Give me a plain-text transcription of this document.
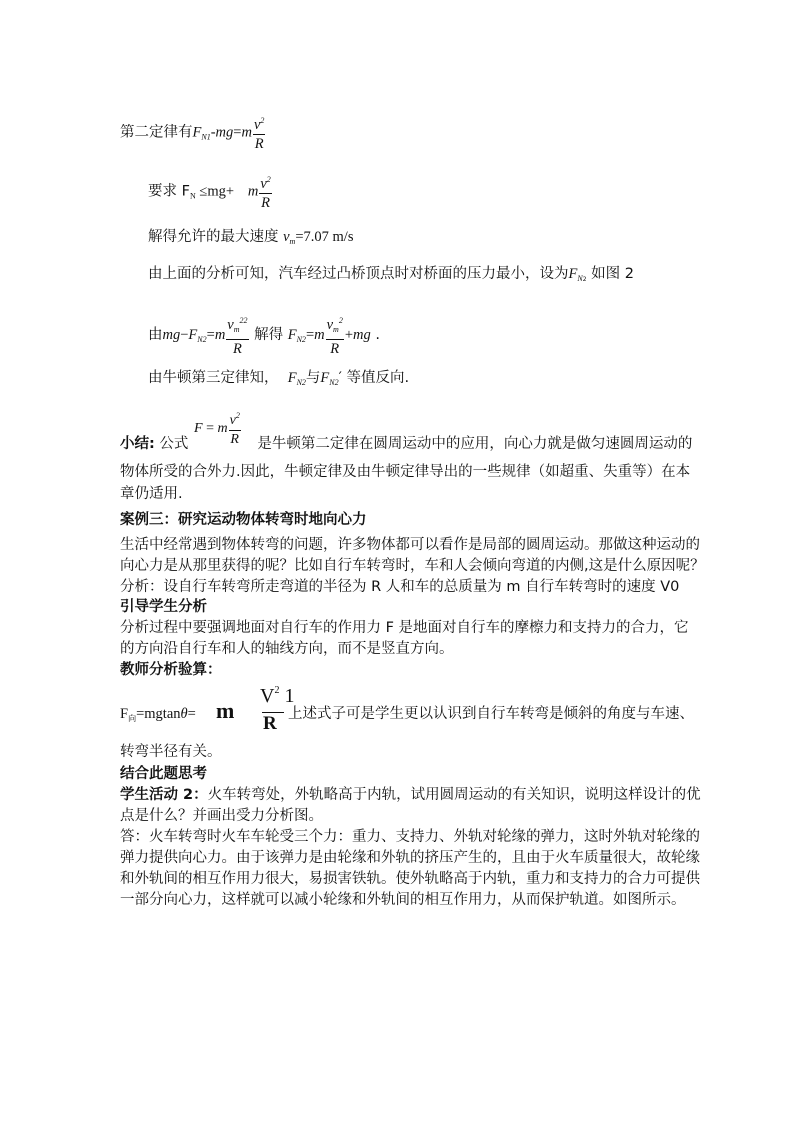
第二定律有$F_{N1}-mg=m \frac{v^2}{R}$
要求 $F_N \le mg+ m \frac{v^2}{R}$
解得允许的最大速度 $v_m=7.07$ m/s
由上面的分析可知，汽车经过凸桥顶点时对桥面的压力最小，设为$F_{N2}$ 如图 2
由$mg-F_{N2}=m \frac{v_m^{22}}{R}$ 解得 $F_{N2}=m \frac{v_m^2}{R} +mg$ .
由牛顿第三定律知， $F_{N2}$与$F_{N2}'$ 等值反向.
F = m $\frac{v^2}{R}$
小结: 公式	是牛顿第二定律在圆周运动中的应用，向心力就是做匀速圆周运动的
物体所受的合外力.因此，牛顿定律及由牛顿定律导出的一些规律（如超重、失重等）在本
章仍适用.
案例三：研究运动物体转弯时地向心力
生活中经常遇到物体转弯的问题，许多物体都可以看作是局部的圆周运动。那做这种运动的
向心力是从那里获得的呢？比如自行车转弯时，车和人会倾向弯道的内侧,这是什么原因呢？
分析：设自行车转弯所走弯道的半径为 R 人和车的总质量为 m 自行车转弯时的速度 V0
引导学生分析
分析过程中要强调地面对自行车的作用力 F 是地面对自行车的摩檫力和支持力的合力，它
的方向沿自行车和人的轴线方向，而不是竖直方向。
教师分析验算：
$F_向=mgtan\theta= m$
$V^2$ 1
R 上述式子可是学生更以认识到自行车转弯是倾斜的角度与车速、
转弯半径有关。
结合此题思考
学生活动 2：火车转弯处，外轨略高于内轨，试用圆周运动的有关知识，说明这样设计的优
点是什么？并画出受力分析图。
答：火车转弯时火车车轮受三个力：重力、支持力、外轨对轮缘的弹力，这时外轨对轮缘的
弹力提供向心力。由于该弹力是由轮缘和外轨的挤压产生的，且由于火车质量很大，故轮缘
和外轨间的相互作用力很大，易损害铁轨。使外轨略高于内轨，重力和支持力的合力可提供
一部分向心力，这样就可以减小轮缘和外轨间的相互作用力，从而保护轨道。如图所示。
